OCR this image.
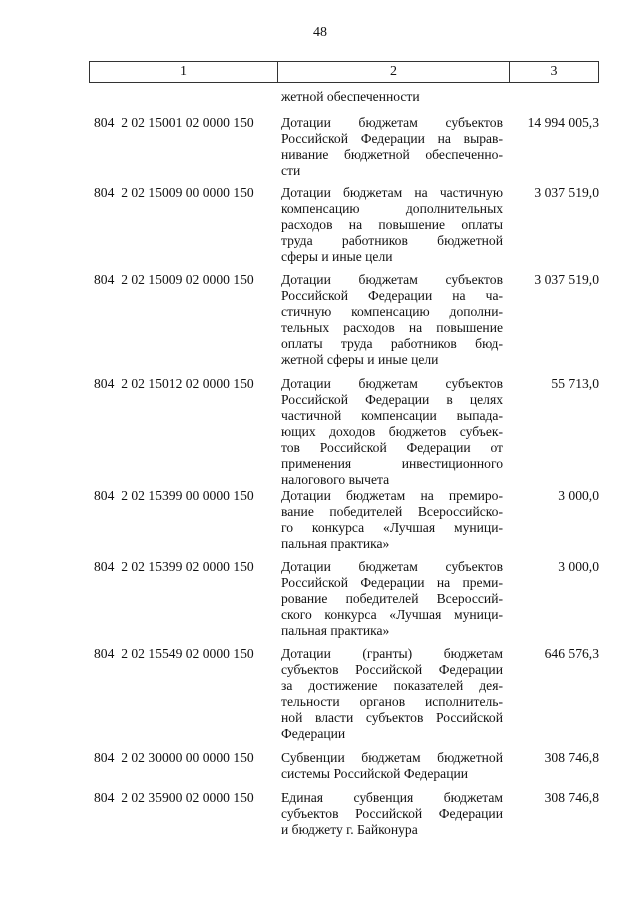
48
1	2	3
жетной обеспеченности
804  2 02 15001 02 0000 150	Дотации бюджетам субъектов
Российской Федерации на вырав-
нивание бюджетной обеспеченно-
сти
14 994 005,3
804  2 02 15009 00 0000 150	Дотации бюджетам на частичную
компенсацию дополнительных
расходов на повышение оплаты
труда работников бюджетной
сферы и иные цели
3 037 519,0
804  2 02 15009 02 0000 150	Дотации бюджетам субъектов
Российской Федерации на ча-
стичную компенсацию дополни-
тельных расходов на повышение
оплаты труда работников бюд-
жетной сферы и иные цели
3 037 519,0
804  2 02 15012 02 0000 150	Дотации бюджетам субъектов
Российской Федерации в целях
частичной компенсации выпада-
ющих доходов бюджетов субъек-
тов Российской Федерации от
применения инвестиционного
налогового вычета
55 713,0
804  2 02 15399 00 0000 150	Дотации бюджетам на премиро-
вание победителей Всероссийско-
го конкурса «Лучшая муници-
пальная практика»
3 000,0
804  2 02 15399 02 0000 150	Дотации бюджетам субъектов
Российской Федерации на преми-
рование победителей Всероссий-
ского конкурса «Лучшая муници-
пальная практика»
3 000,0
804  2 02 15549 02 0000 150	Дотации (гранты) бюджетам
субъектов Российской Федерации
за достижение показателей дея-
тельности органов исполнитель-
ной власти субъектов Российской
Федерации
646 576,3
804  2 02 30000 00 0000 150	Субвенции бюджетам бюджетной
системы Российской Федерации
308 746,8
804  2 02 35900 02 0000 150	Единая субвенция бюджетам
субъектов Российской Федерации
и бюджету г. Байконура
308 746,8
